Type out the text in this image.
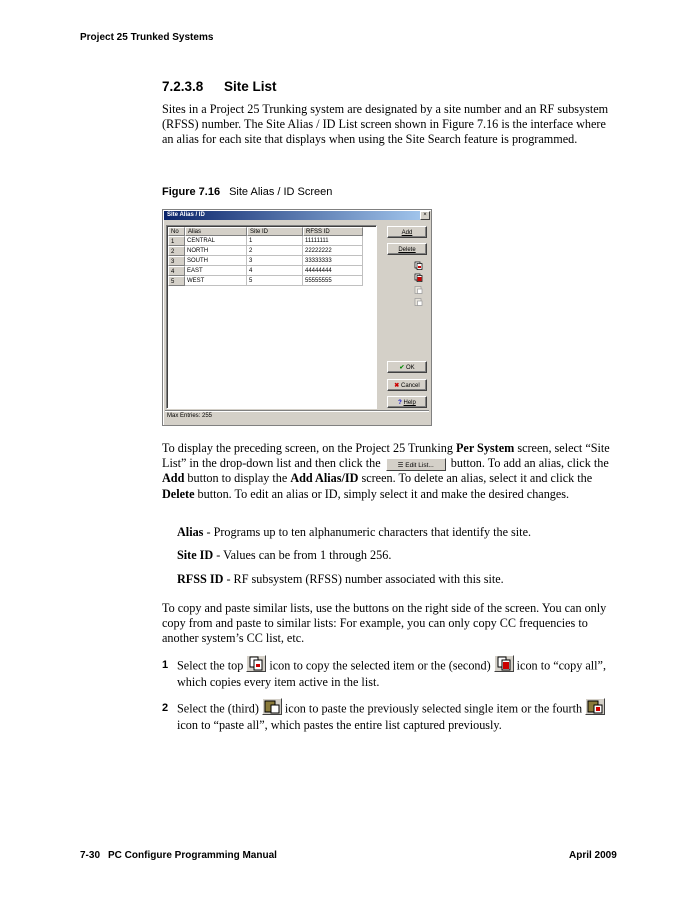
Project 25 Trunked Systems
7.2.3.8 Site List
Sites in a Project 25 Trunking system are designated by a site number and an RF subsystem (RFSS) number. The Site Alias / ID List screen shown in Figure 7.16 is the interface where an alias for each site that displays when using the Site Search feature is programmed.
Figure 7.16 Site Alias / ID Screen
Site Alias / ID	×
No	Alias	Site ID	RFSS ID
1	CENTRAL	1	11111111
2	NORTH	2	22222222
3	SOUTH	3	33333333
4	EAST	4	44444444
5	WEST	5	55555555
Add
Delete
✔ OK
✖ Cancel
? Help
Max Entries: 255
To display the preceding screen, on the Project 25 Trunking Per System screen, select “Site List” in the drop-down list and then click the ☰ Edit List... button. To add an alias, click the Add button to display the Add Alias/ID screen. To delete an alias, select it and click the Delete button. To edit an alias or ID, simply select it and make the desired changes.
Alias - Programs up to ten alphanumeric characters that identify the site.
Site ID - Values can be from 1 through 256.
RFSS ID - RF subsystem (RFSS) number associated with this site.
To copy and paste similar lists, use the buttons on the right side of the screen. You can only copy from and paste to similar lists: For example, you can only copy CC frequencies to another system’s CC list, etc.
1 Select the top icon to copy the selected item or the (second) icon to “copy all”, which copies every item active in the list.
2 Select the (third) icon to paste the previously selected single item or the fourth
icon to “paste all”, which pastes the entire list captured previously.
7-30 PC Configure Programming Manual	April 2009
